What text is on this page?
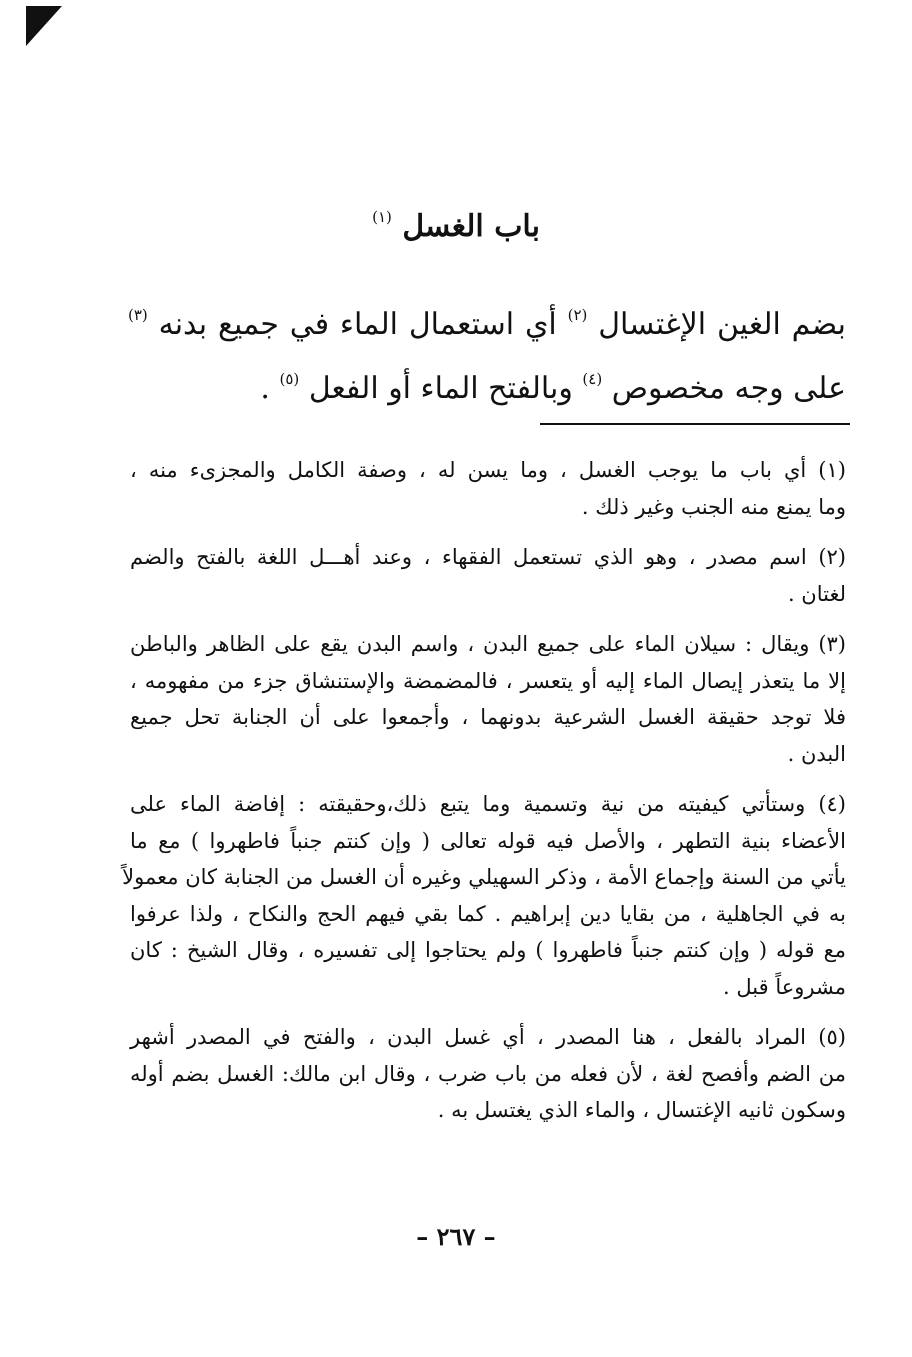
باب الغسل $^{(١)}$
بضم الغين الإغتسال $^{(٢)}$ أي استعمال الماء في جميع بدنه $^{(٣)}$
على وجه مخصوص $^{(٤)}$ وبالفتح الماء أو الفعل $^{(٥)}$ .
(١) أي باب ما يوجب الغسل ، وما يسن له ، وصفة الكامل والمجزىء منه ،
وما يمنع منه الجنب وغير ذلك .
(٢) اسم مصدر ، وهو الذي تستعمل الفقهاء ، وعند أهـــل اللغة بالفتح والضم
لغتان .
(٣) ويقال : سيلان الماء على جميع البدن ، واسم البدن يقع على الظاهر والباطن
إلا ما يتعذر إيصال الماء إليه أو يتعسر ، فالمضمضة والإستنشاق جزء من مفهومه ،
فلا توجد حقيقة الغسل الشرعية بدونهما ، وأجمعوا على أن الجنابة تحل جميع
البدن .
(٤) وستأتي كيفيته من نية وتسمية وما يتبع ذلك،وحقيقته : إفاضة الماء على
الأعضاء بنية التطهر ، والأصل فيه قوله تعالى ( وإن كنتم جنباً فاطهروا ) مع ما
يأتي من السنة وإجماع الأمة ، وذكر السهيلي وغيره أن الغسل من الجنابة كان معمولاً
به في الجاهلية ، من بقايا دين إبراهيم . كما بقي فيهم الحج والنكاح ، ولذا عرفوا
مع قوله ( وإن كنتم جنباً فاطهروا ) ولم يحتاجوا إلى تفسيره ، وقال الشيخ : كان
مشروعاً قبل .
(٥) المراد بالفعل ، هنا المصدر ، أي غسل البدن ، والفتح في المصدر أشهر
من الضم وأفصح لغة ، لأن فعله من باب ضرب ، وقال ابن مالك: الغسل بضم أوله
وسكون ثانيه الإغتسال ، والماء الذي يغتسل به .
– ٢٦٧ –
